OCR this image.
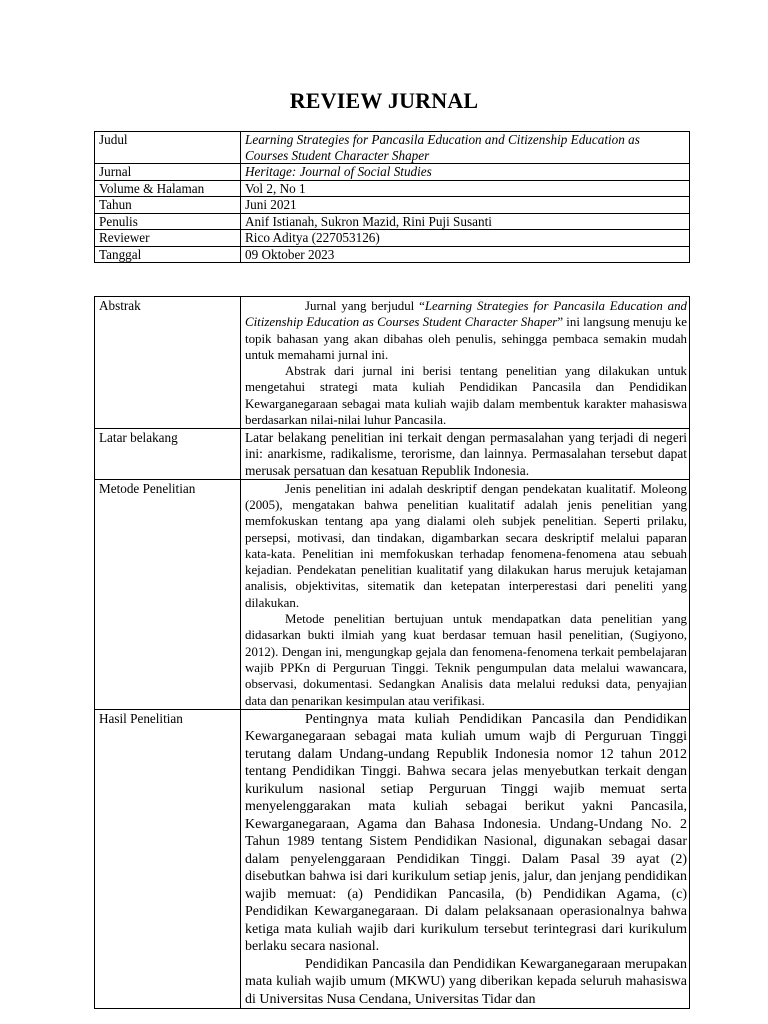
REVIEW JURNAL
Judul	Learning Strategies for Pancasila Education and Citizenship Education as Courses Student Character Shaper
Jurnal	Heritage: Journal of Social Studies
Volume & Halaman	Vol 2, No 1
Tahun	Juni 2021
Penulis	Anif Istianah, Sukron Mazid, Rini Puji Susanti
Reviewer	Rico Aditya (227053126)
Tanggal	09 Oktober 2023
Abstrak	Jurnal yang berjudul “Learning Strategies for Pancasila Education and Citizenship Education as Courses Student Character Shaper” ini langsung menuju ke topik bahasan yang akan dibahas oleh penulis, sehingga pembaca semakin mudah untuk memahami jurnal ini.

Abstrak dari jurnal ini berisi tentang penelitian yang dilakukan untuk mengetahui strategi mata kuliah Pendidikan Pancasila dan Pendidikan Kewarganegaraan sebagai mata kuliah wajib dalam membentuk karakter mahasiswa berdasarkan nilai-nilai luhur Pancasila.

Latar belakang	Latar belakang penelitian ini terkait dengan permasalahan yang terjadi di negeri ini: anarkisme, radikalisme, terorisme, dan lainnya. Permasalahan tersebut dapat merusak persatuan dan kesatuan Republik Indonesia.

Metode Penelitian	Jenis penelitian ini adalah deskriptif dengan pendekatan kualitatif. Moleong (2005), mengatakan bahwa penelitian kualitatif adalah jenis penelitian yang memfokuskan tentang apa yang dialami oleh subjek penelitian. Seperti prilaku, persepsi, motivasi, dan tindakan, digambarkan secara deskriptif melalui paparan kata-kata. Penelitian ini memfokuskan terhadap fenomena-fenomena atau sebuah kejadian. Pendekatan penelitian kualitatif yang dilakukan harus merujuk ketajaman analisis, objektivitas, sitematik dan ketepatan interperestasi dari peneliti yang dilakukan.

Metode penelitian bertujuan untuk mendapatkan data penelitian yang didasarkan bukti ilmiah yang kuat berdasar temuan hasil penelitian, (Sugiyono, 2012). Dengan ini, mengungkap gejala dan fenomena-fenomena terkait pembelajaran wajib PPKn di Perguruan Tinggi. Teknik pengumpulan data melalui wawancara, observasi, dokumentasi. Sedangkan Analisis data melalui reduksi data, penyajian data dan penarikan kesimpulan atau verifikasi.

Hasil Penelitian	Pentingnya mata kuliah Pendidikan Pancasila dan Pendidikan Kewarganegaraan sebagai mata kuliah umum wajb di Perguruan Tinggi terutang dalam Undang-undang Republik Indonesia nomor 12 tahun 2012 tentang Pendidikan Tinggi. Bahwa secara jelas menyebutkan terkait dengan kurikulum nasional setiap Perguruan Tinggi wajib memuat serta menyelenggarakan mata kuliah sebagai berikut yakni Pancasila, Kewarganegaraan, Agama dan Bahasa Indonesia. Undang-Undang No. 2 Tahun 1989 tentang Sistem Pendidikan Nasional, digunakan sebagai dasar dalam penyelenggaraan Pendidikan Tinggi. Dalam Pasal 39 ayat (2) disebutkan bahwa isi dari kurikulum setiap jenis, jalur, dan jenjang pendidikan wajib memuat: (a) Pendidikan Pancasila, (b) Pendidikan Agama, (c) Pendidikan Kewarganegaraan. Di dalam pelaksanaan operasionalnya bahwa ketiga mata kuliah wajib dari kurikulum tersebut terintegrasi dari kurikulum berlaku secara nasional.

Pendidikan Pancasila dan Pendidikan Kewarganegaraan merupakan mata kuliah wajib umum (MKWU) yang diberikan kepada seluruh mahasiswa di Universitas Nusa Cendana, Universitas Tidar dan
